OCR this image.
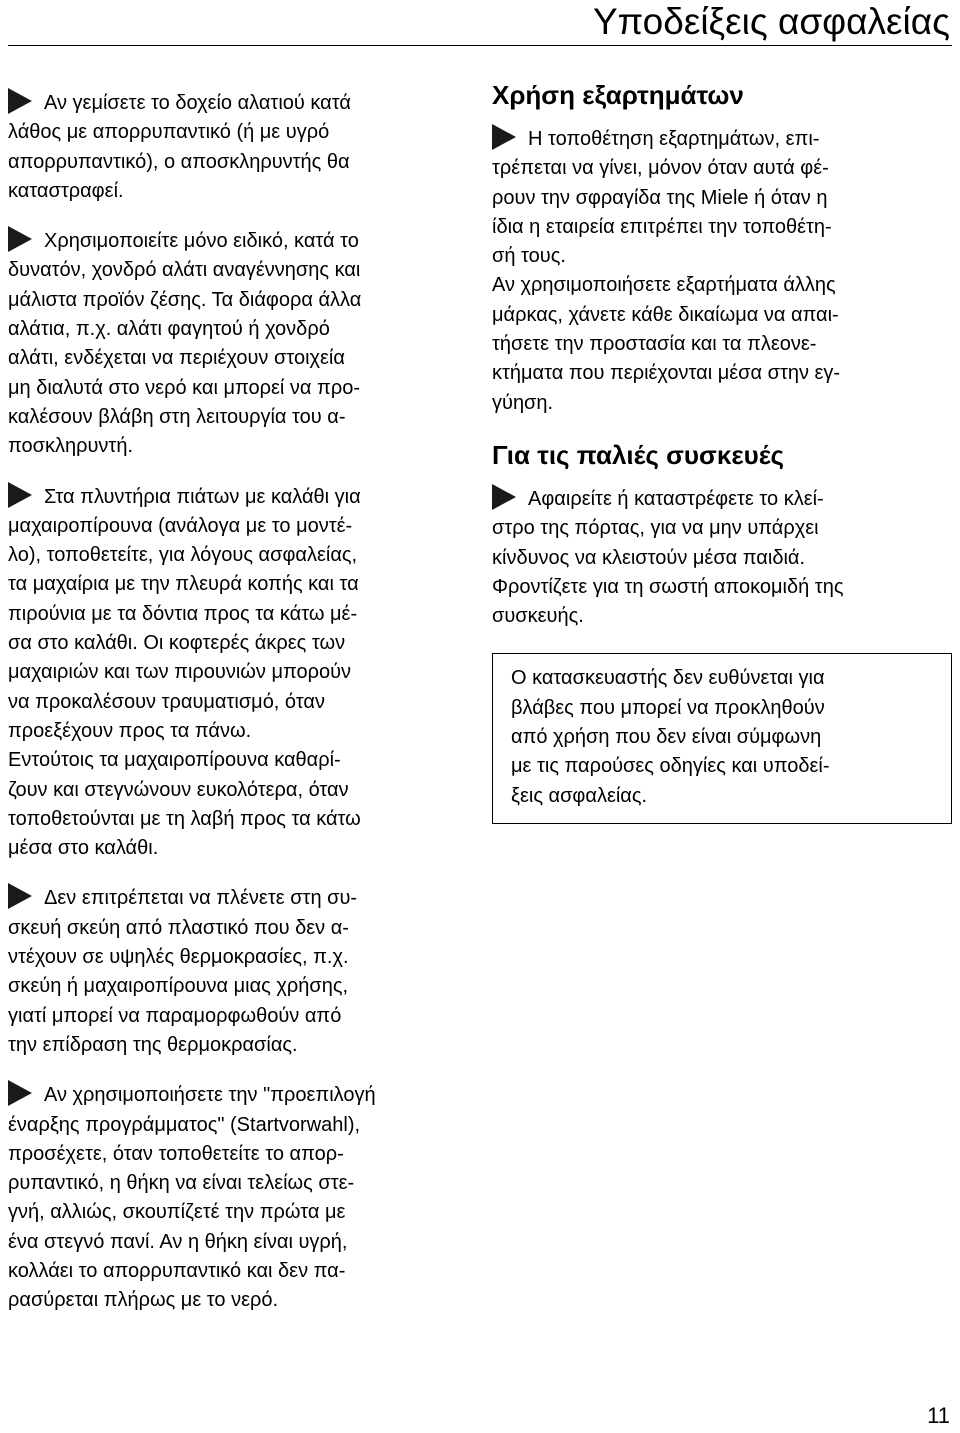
Υποδείξεις ασφαλείας
Αν γεμίσετε το δοχείο αλατιού κατά
λάθος με απορρυπαντικό (ή με υγρό
απορρυπαντικό), ο αποσκληρυντής θα
καταστραφεί.
Χρησιμοποιείτε μόνο ειδικό, κατά το
δυνατόν, χονδρό αλάτι αναγέννησης και
μάλιστα προϊόν ζέσης. Τα διάφορα άλλα
αλάτια, π.χ. αλάτι φαγητού ή χονδρό
αλάτι, ενδέχεται να περιέχουν στοιχεία
μη διαλυτά στο νερό και μπορεί να προ-
καλέσουν βλάβη στη λειτουργία του α-
ποσκληρυντή.
Στα πλυντήρια πιάτων με καλάθι για
μαχαιροπίρουνα (ανάλογα με το μοντέ-
λο), τοποθετείτε, για λόγους ασφαλείας,
τα μαχαίρια με την πλευρά κοπής και τα
πιρούνια με τα δόντια προς τα κάτω μέ-
σα στο καλάθι. Οι κοφτερές άκρες των
μαχαιριών και των πιρουνιών μπορούν
να προκαλέσουν τραυματισμό, όταν
προεξέχουν προς τα πάνω.
Εντούτοις τα μαχαιροπίρουνα καθαρί-
ζουν και στεγνώνουν ευκολότερα, όταν
τοποθετούνται με τη λαβή προς τα κάτω
μέσα στο καλάθι.
Δεν επιτρέπεται να πλένετε στη συ-
σκευή σκεύη από πλαστικό που δεν α-
ντέχουν σε υψηλές θερμοκρασίες, π.χ.
σκεύη ή μαχαιροπίρουνα μιας χρήσης,
γιατί μπορεί να παραμορφωθούν από
την επίδραση της θερμοκρασίας.
Αν χρησιμοποιήσετε την "προεπιλογή
έναρξης προγράμματος" (Startvorwahl),
προσέχετε, όταν τοποθετείτε το απορ-
ρυπαντικό, η θήκη να είναι τελείως στε-
γνή, αλλιώς, σκουπίζετέ την πρώτα με
ένα στεγνό πανί. Αν η θήκη είναι υγρή,
κολλάει το απορρυπαντικό και δεν πα-
ρασύρεται πλήρως με το νερό.
Χρήση εξαρτημάτων
Η τοποθέτηση εξαρτημάτων, επι-
τρέπεται να γίνει, μόνον όταν αυτά φέ-
ρουν την σφραγίδα της Miele ή όταν η
ίδια η εταιρεία επιτρέπει την τοποθέτη-
σή τους.
Αν χρησιμοποιήσετε εξαρτήματα άλλης
μάρκας, χάνετε κάθε δικαίωμα να απαι-
τήσετε την προστασία και τα πλεονε-
κτήματα που περιέχονται μέσα στην εγ-
γύηση.
Για τις παλιές συσκευές
Αφαιρείτε ή καταστρέφετε το κλεί-
στρο της πόρτας, για να μην υπάρχει
κίνδυνος να κλειστούν μέσα παιδιά.
Φροντίζετε για τη σωστή αποκομιδή της
συσκευής.
Ο κατασκευαστής δεν ευθύνεται για
βλάβες που μπορεί να προκληθούν
από χρήση που δεν είναι σύμφωνη
με τις παρούσες οδηγίες και υποδεί-
ξεις ασφαλείας.
11
